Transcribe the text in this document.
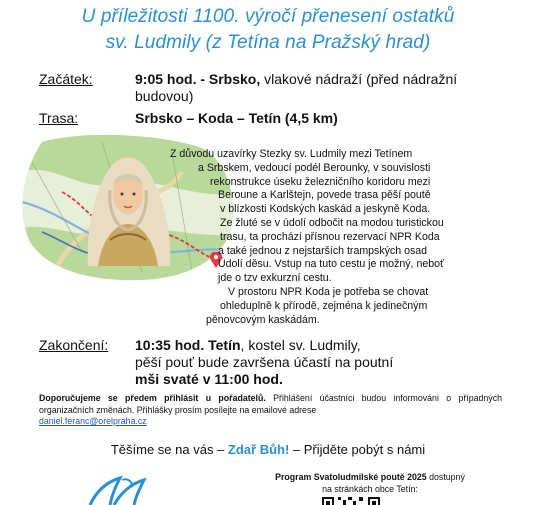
U příležitosti 1100. výročí přenesení ostatků
sv. Ludmily (z Tetína na Pražský hrad)
Začátek:	9:05 hod. - Srbsko, vlakové nádraží (před nádražní
budovou)
Trasa:	Srbsko – Koda – Tetín (4,5 km)
Z důvodu uzavírky Stezky sv. Ludmily mezi Tetínem
a Srbskem, vedoucí podél Berounky, v souvislosti
rekonstrukce úseku železničního koridoru mezi
Beroune a Karlštejn, povede trasa pěší poutě
v blízkosti Kodských kaskád a jeskyně Koda.
Ze žluté se v údolí odbočit na modou turistickou
trasu, ta prochází přísnou rezervací NPR Koda
a také jednou z nejstarších trampských osad
Údolí děsu. Vstup na tuto cestu je možný, neboť
jde o tzv exkurzní cestu.
V prostoru NPR Koda je potřeba se chovat
ohleduplně k přírodě, zejména k jedinečným
pěnovcovým kaskádám.
Zakončení: 10:35 hod. Tetín, kostel sv. Ludmily,
pěší pouť bude završena účastí na poutní
mši svaté v 11:00 hod.
Doporučujeme se předem přihlásit u pořadatelů. Přihlášení účastníci budou informováni o případných organizačních změnách. Přihlášky prosím posílejte na emailové adrese
daniel.feranc@orelpraha.cz
Těšíme se na vás – Zdař Bůh! – Přijděte pobýt s námi
Program Svatoludmilské poutě 2025 dostupný
na stránkách obce Tetín:
